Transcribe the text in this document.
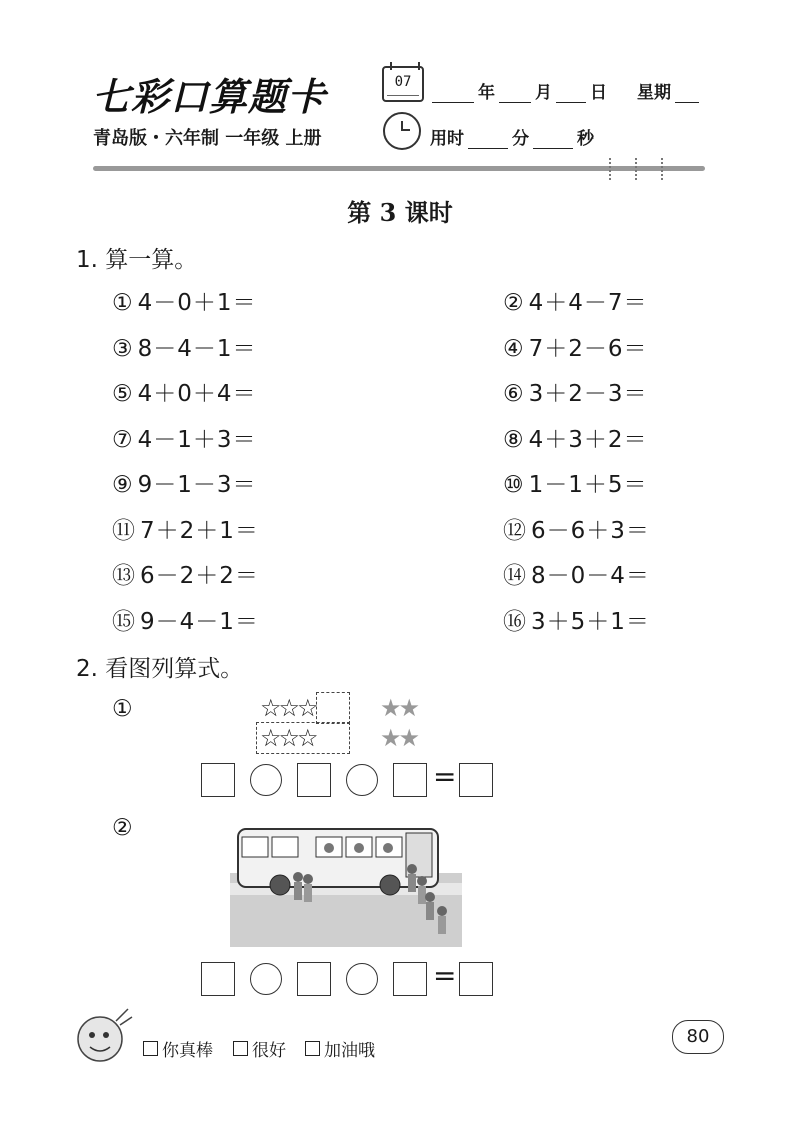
七彩口算题卡	07
年 月 日 星期
青岛版・六年制 一年级 上册	用时	分	秒
第 3 课时
1. 算一算。
① 4－0＋1＝	② 4＋4－7＝
③ 8－4－1＝	④ 7＋2－6＝
⑤ 4＋0＋4＝	⑥ 3＋2－3＝
⑦ 4－1＋3＝	⑧ 4＋3＋2＝
⑨ 9－1－3＝	⑩ 1－1＋5＝
⑪ 7＋2＋1＝	⑫ 6－6＋3＝
⑬ 6－2＋2＝	⑭ 8－0－4＝
⑮ 9－4－1＝	⑯ 3＋5＋1＝
2. 看图列算式。
①	☆☆☆
☆☆☆
★★
★★
=
②
=
你真棒 很好 加油哦
80
